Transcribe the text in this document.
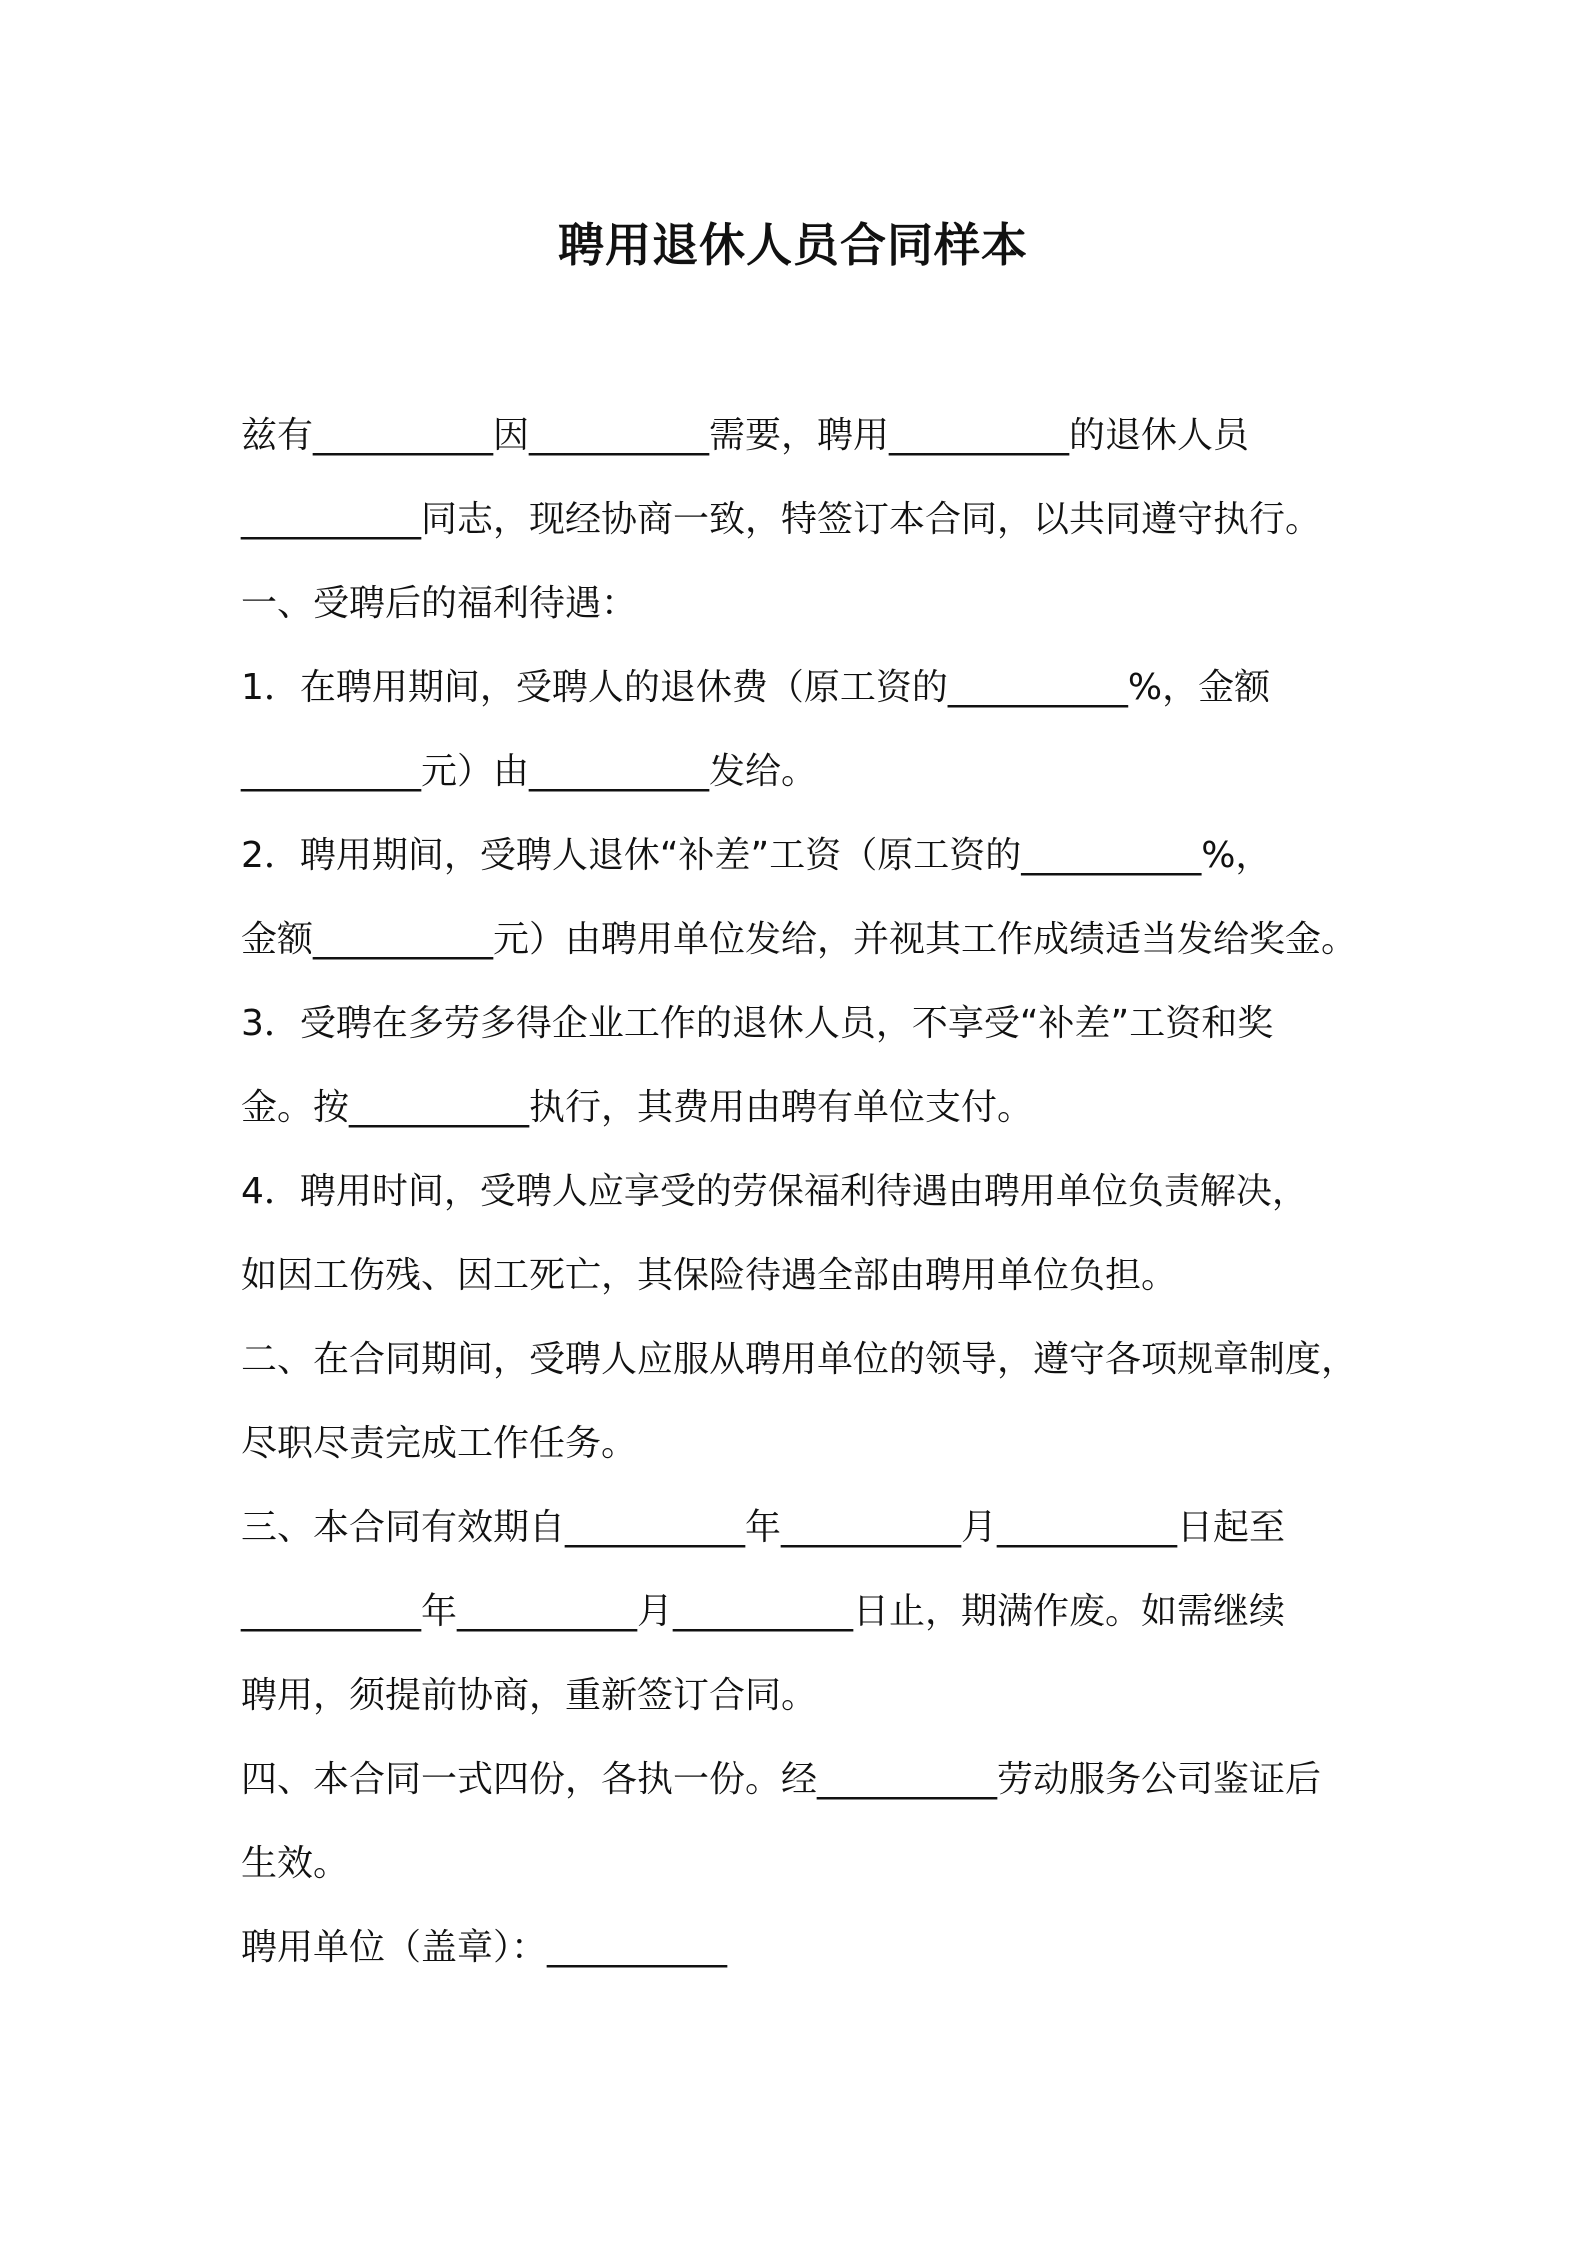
聘用退休人员合同样本
兹有__________因__________需要，聘用__________的退休人员
__________同志，现经协商一致，特签订本合同，以共同遵守执行。
一、受聘后的福利待遇：
1．在聘用期间，受聘人的退休费（原工资的__________%，金额
__________元）由__________发给。
2．聘用期间，受聘人退休“补差”工资（原工资的__________%，
金额__________元）由聘用单位发给，并视其工作成绩适当发给奖金。
3．受聘在多劳多得企业工作的退休人员，不享受“补差”工资和奖
金。按__________执行，其费用由聘有单位支付。
4．聘用时间，受聘人应享受的劳保福利待遇由聘用单位负责解决，
如因工伤残、因工死亡，其保险待遇全部由聘用单位负担。
二、在合同期间，受聘人应服从聘用单位的领导，遵守各项规章制度，
尽职尽责完成工作任务。
三、本合同有效期自__________年__________月__________日起至
__________年__________月__________日止，期满作废。如需继续
聘用，须提前协商，重新签订合同。
四、本合同一式四份，各执一份。经__________劳动服务公司鉴证后
生效。
聘用单位（盖章）：__________
